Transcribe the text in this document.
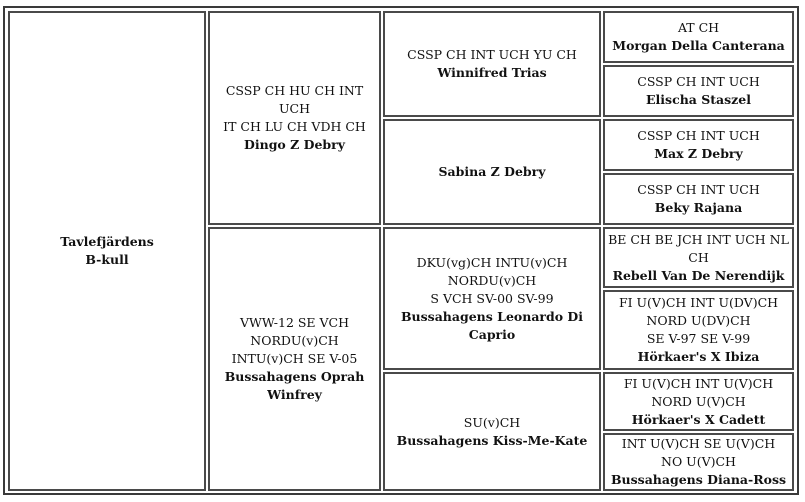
Tavlefjärdens
B-kull
CSSP CH HU CH INT UCH
IT CH LU CH VDH CH
Dingo Z Debry
VWW-12 SE VCH
NORDU(v)CH
INTU(v)CH SE V-05
Bussahagens Oprah
Winfrey
CSSP CH INT UCH YU CH
Winnifred Trias
Sabina Z Debry
DKU(vg)CH INTU(v)CH
NORDU(v)CH
S VCH SV-00 SV-99
Bussahagens Leonardo Di
Caprio
SU(v)CH
Bussahagens Kiss-Me-Kate
AT CH
Morgan Della Canterana
CSSP CH INT UCH
Elischa Staszel
CSSP CH INT UCH
Max Z Debry
CSSP CH INT UCH
Beky Rajana
BE CH BE JCH INT UCH NL
CH
Rebell Van De Nerendijk
FI U(V)CH INT U(DV)CH
NORD U(DV)CH
SE V-97 SE V-99
Hörkaer's X Ibiza
FI U(V)CH INT U(V)CH
NORD U(V)CH
Hörkaer's X Cadett
INT U(V)CH SE U(V)CH
NO U(V)CH
Bussahagens Diana-Ross
